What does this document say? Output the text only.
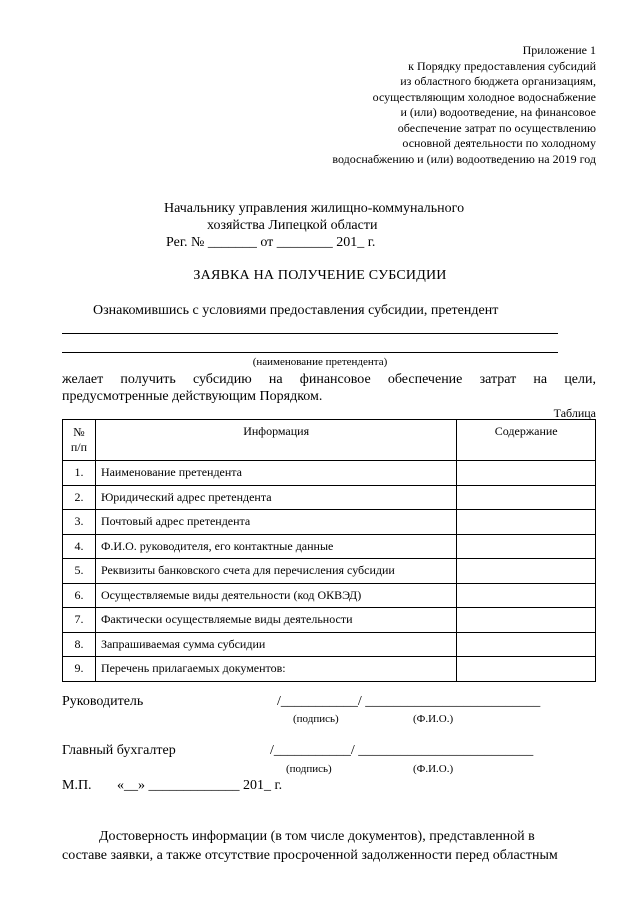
Приложение 1
к Порядку предоставления субсидий
из областного бюджета организациям,
осуществляющим холодное водоснабжение
и (или) водоотведение, на финансовое
обеспечение затрат по осуществлению
основной деятельности по холодному
водоснабжению и (или) водоотведению на 2019 год
Начальнику управления жилищно-коммунального
хозяйства Липецкой области
Рег. № _______ от ________ 201_ г.
ЗАЯВКА НА ПОЛУЧЕНИЕ СУБСИДИИ
Ознакомившись с условиями предоставления субсидии, претендент
(наименование претендента)
желает получить субсидию на финансовое обеспечение затрат на цели, предусмотренные действующим Порядком.
Таблица
№
п/п	Информация	Содержание
1.	Наименование претендента	
2.	Юридический адрес претендента	
3.	Почтовый адрес претендента	
4.	Ф.И.О. руководителя, его контактные данные	
5.	Реквизиты банковского счета для перечисления субсидии	
6.	Осуществляемые виды деятельности (код ОКВЭД)	
7.	Фактически осуществляемые виды деятельности	
8.	Запрашиваемая сумма субсидии	
9.	Перечень прилагаемых документов:	
Руководитель	/___________/ _________________________
(подпись)	(Ф.И.О.)
Главный бухгалтер	/___________/ _________________________
(подпись)	(Ф.И.О.)
М.П. «__» _____________ 201_ г.
Достоверность информации (в том числе документов), представленной в
составе заявки, а также отсутствие просроченной задолженности перед областным
